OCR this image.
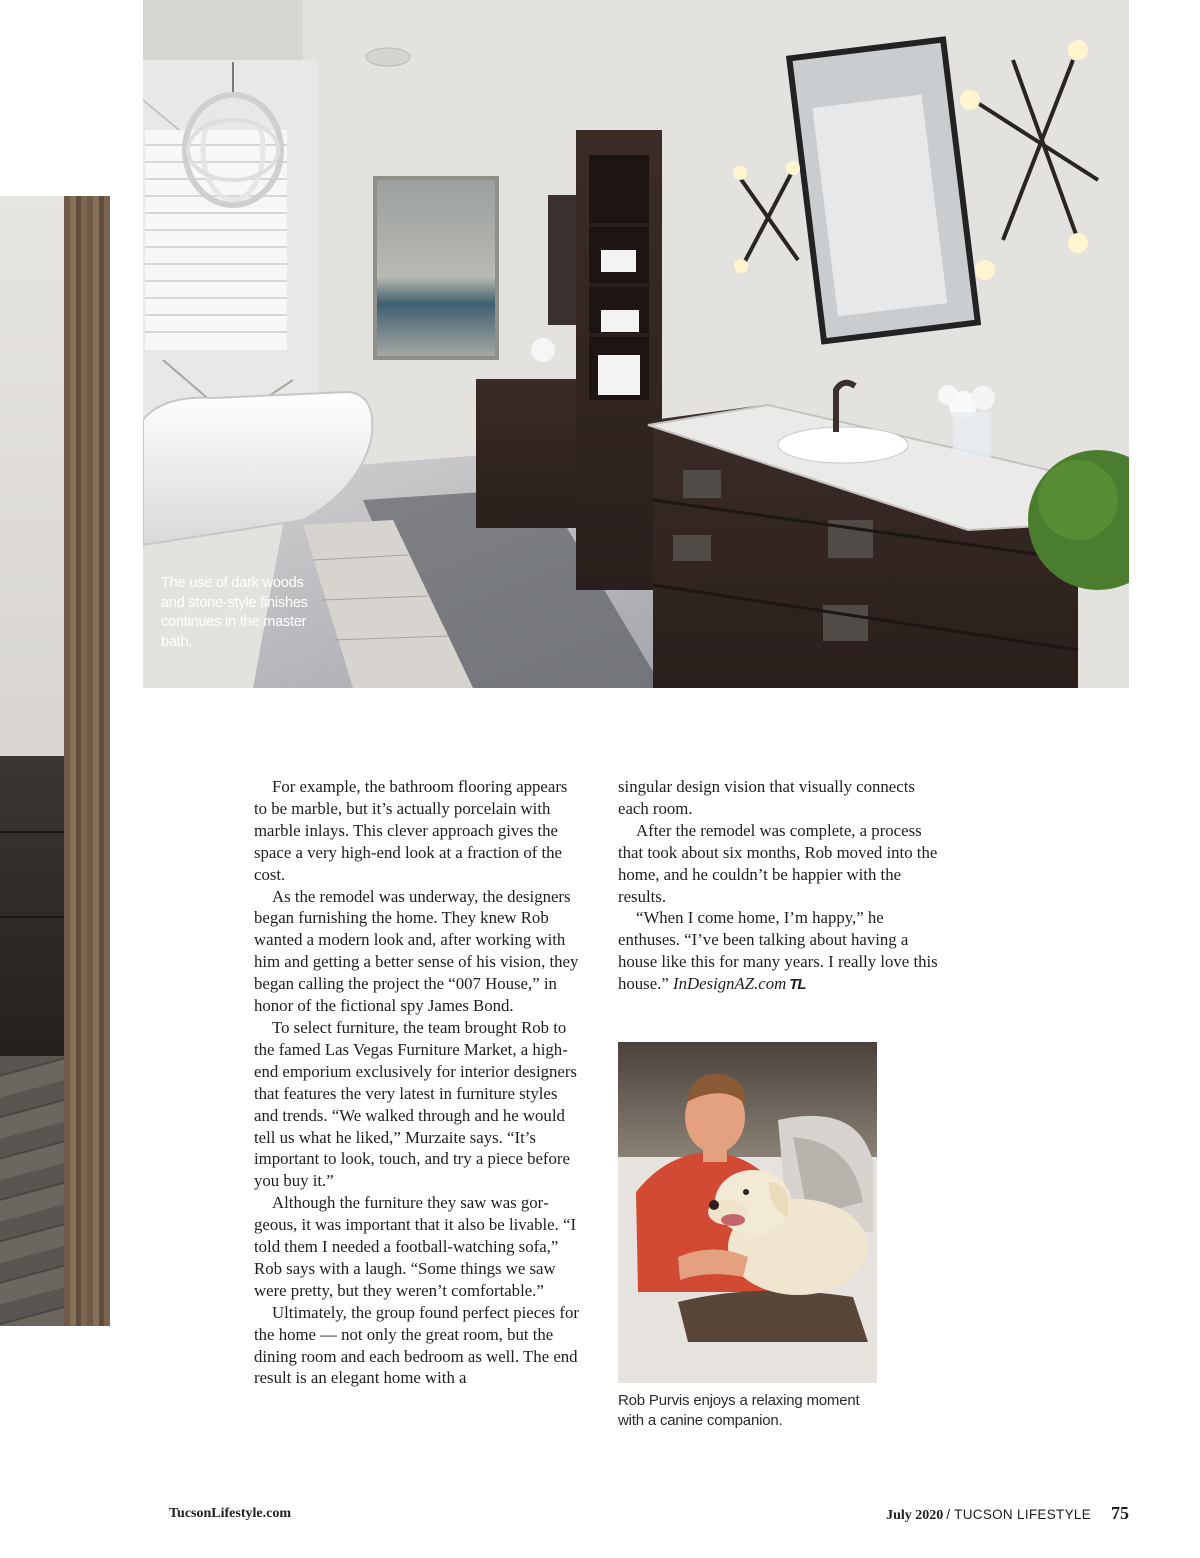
The use of dark woods and stone-style finishes continues in the master bath.

For example, the bathroom flooring appears to be marble, but it’s actually porcelain with marble inlays. This clever approach gives the space a very high-end look at a fraction of the cost.

As the remodel was underway, the designers began furnishing the home. They knew Rob wanted a modern look and, after working with him and getting a better sense of his vision, they began calling the project the “007 House,” in honor of the fictional spy James Bond.

To select furniture, the team brought Rob to the famed Las Vegas Furniture Market, a high-end emporium exclusively for interior designers that features the very latest in furniture styles and trends. “We walked through and he would tell us what he liked,” Murzaite says. “It’s important to look, touch, and try a piece before you buy it.”

Although the furniture they saw was gorgeous, it was important that it also be livable. “I told them I needed a football-watching sofa,” Rob says with a laugh. “Some things we saw were pretty, but they weren’t comfortable.”

Ultimately, the group found perfect pieces for the home — not only the great room, but the dining room and each bedroom as well. The end result is an elegant home with a

singular design vision that visually connects each room.

After the remodel was complete, a process that took about six months, Rob moved into the home, and he couldn’t be happier with the results.

“When I come home, I’m happy,” he enthuses. “I’ve been talking about having a house like this for many years. I really love this house.” InDesignAZ.com TL

Rob Purvis enjoys a relaxing moment with a canine companion.
TucsonLifestyle.com	July 2020 / TUCSON LIFESTYLE 75
